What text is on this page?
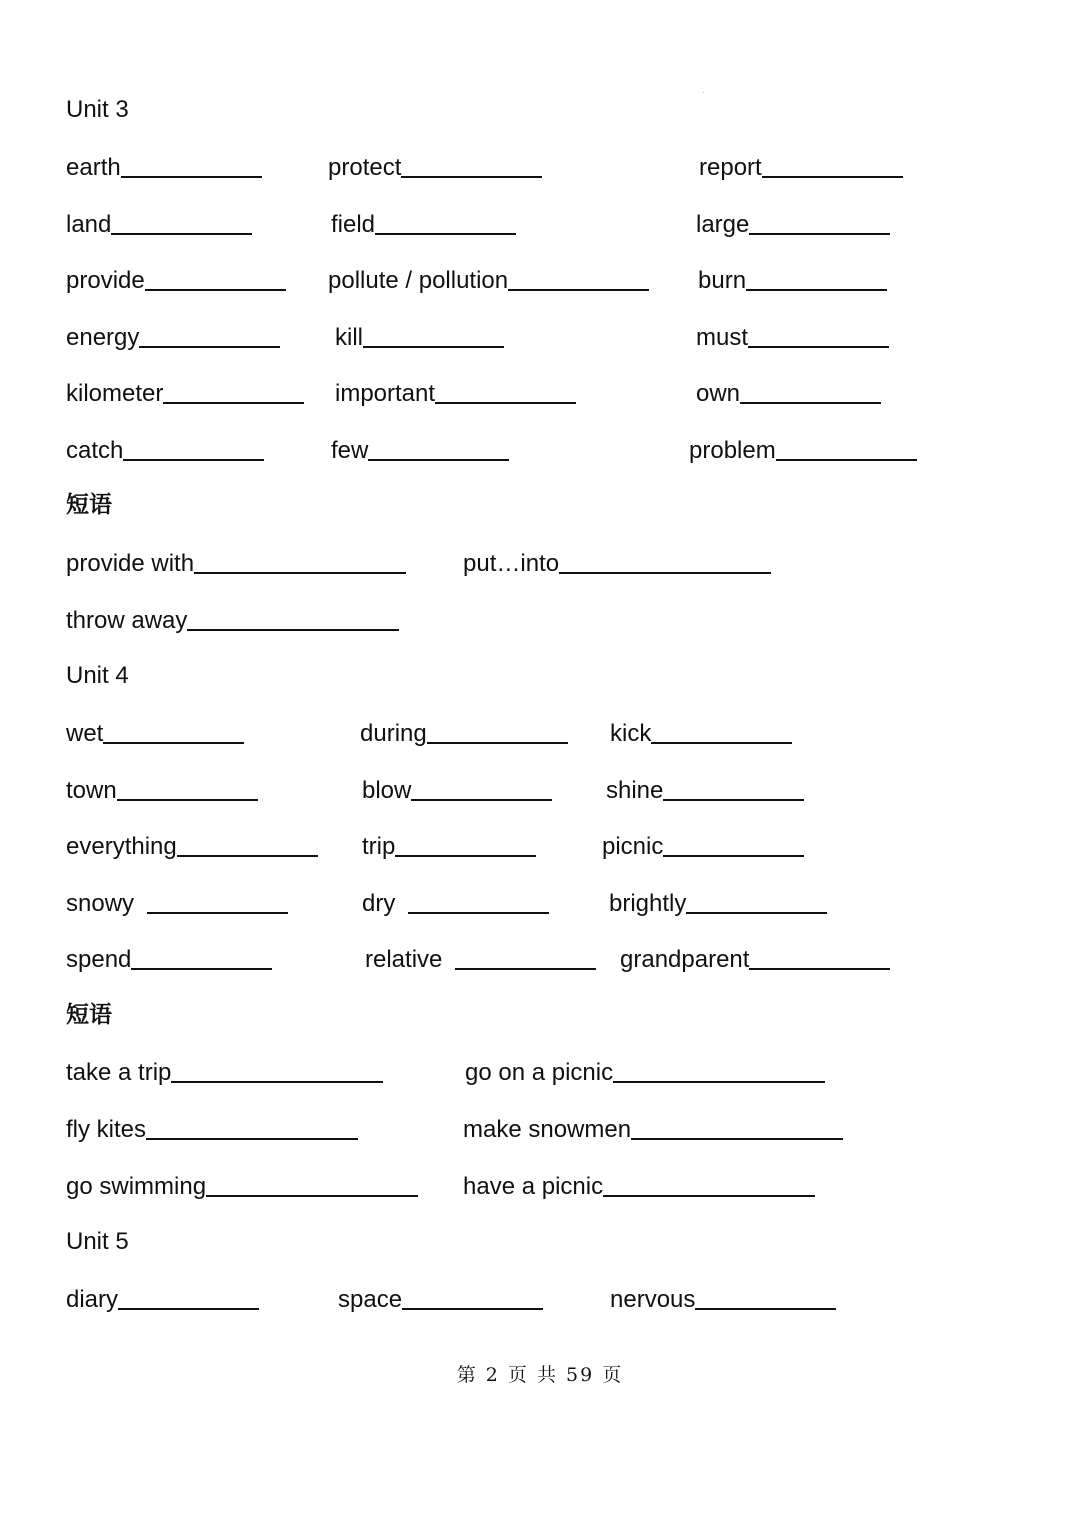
Unit 3
earth	protect	report
land	field	large
provide	pollute / pollution	burn
energy	kill	must
kilometer	important	own
catch	few	problem
短语
provide with	put…into
throw away
Unit 4
wet	during	kick
town	blow	shine
everything	trip	picnic
snowy	dry	brightly
spend	relative	grandparent
短语
take a trip	go on a picnic
fly kites	make snowmen
go swimming	have a picnic
Unit 5
diary	space	nervous
第 2 页 共 59 页
